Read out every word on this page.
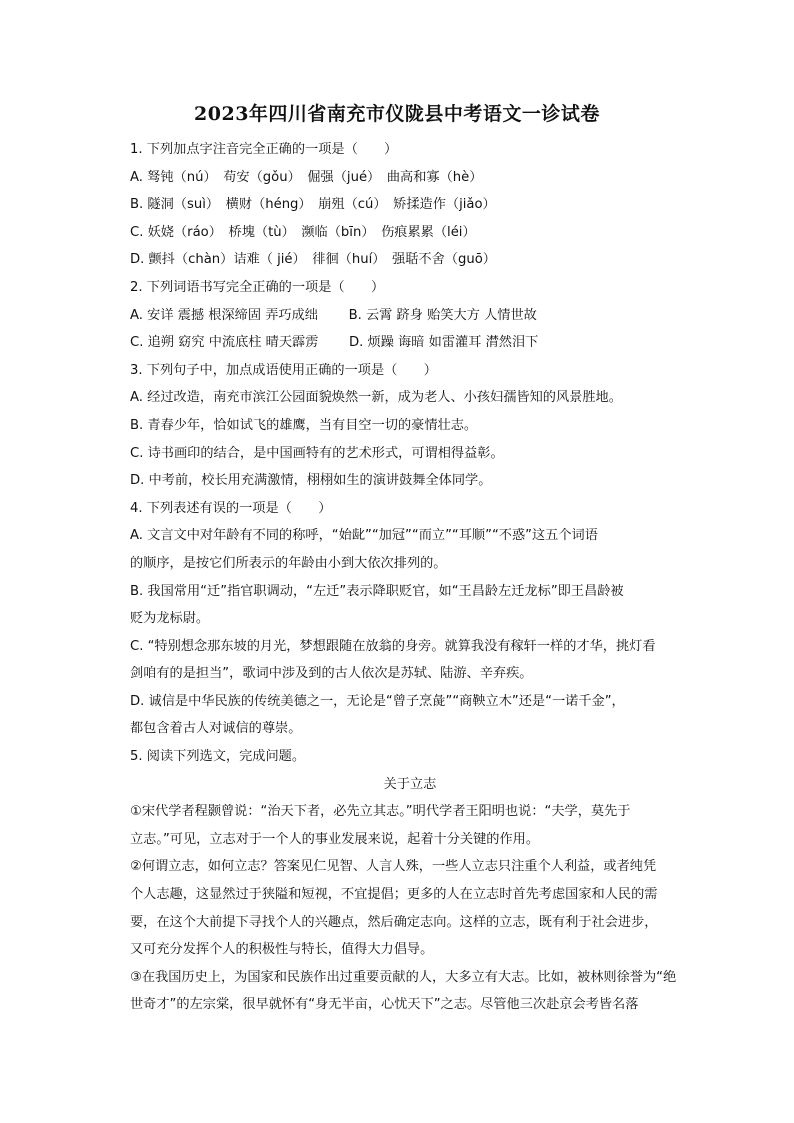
2023年四川省南充市仪陇县中考语文一诊试卷
1. 下列加点字注音完全正确的一项是（　　）
A. 驽钝（nú）　苟安（gǒu）　倔强（jué）　曲高和寡（hè）
B. 隧洞（suì）　横财（héng）　崩殂（cú）　矫揉造作（jiǎo）
C. 妖娆（ráo）　桥塊（tù）　濒临（bīn）　伤痕累累（léi）
D. 颤抖（chàn）诘难（ jié）　徘徊（huí）　强聒不舍（guō）
2. 下列词语书写完全正确的一项是（　　）
A. 安详 震撼 根深缔固 弄巧成绌　　 B. 云霄 跻身 贻笑大方 人情世故
C. 追朔 窈究 中流底柱 晴天霹雳　　 D. 烦躁 诲暗 如雷灌耳 潸然泪下
3. 下列句子中，加点成语使用正确的一项是（　　）
A. 经过改造，南充市滨江公园面貌焕然一新，成为老人、小孩妇孺皆知的风景胜地。
B. 青春少年，恰如试飞的雄鹰，当有目空一切的豪情壮志。
C. 诗书画印的结合，是中国画特有的艺术形式，可谓相得益彰。
D. 中考前，校长用充满激情，栩栩如生的演讲鼓舞全体同学。
4. 下列表述有误的一项是（　　）
A. 文言文中对年龄有不同的称呼，“始龀”“加冠”“而立”“耳顺”“不惑”这五个词语
的顺序，是按它们所表示的年龄由小到大依次排列的。
B. 我国常用“迁”指官职调动，“左迁”表示降职贬官，如“王昌龄左迁龙标”即王昌龄被
贬为龙标尉。
C. “特别想念那东坡的月光，梦想跟随在放翁的身旁。就算我没有稼轩一样的才华，挑灯看
剑咱有的是担当”，歌词中涉及到的古人依次是苏轼、陆游、辛弃疾。
D. 诚信是中华民族的传统美德之一，无论是“曾子烹彘”“商鞅立木”还是“一诺千金”，
都包含着古人对诚信的尊崇。
5. 阅读下列选文，完成问题。
关于立志
①宋代学者程颢曾说：“治天下者，必先立其志。”明代学者王阳明也说：“夫学，莫先于
立志。”可见，立志对于一个人的事业发展来说，起着十分关键的作用。
②何谓立志，如何立志？答案见仁见智、人言人殊，一些人立志只注重个人利益，或者纯凭
个人志趣，这显然过于狭隘和短视，不宜提倡；更多的人在立志时首先考虑国家和人民的需
要，在这个大前提下寻找个人的兴趣点，然后确定志向。这样的立志，既有利于社会进步，
又可充分发挥个人的积极性与特长，值得大力倡导。
③在我国历史上，为国家和民族作出过重要贡献的人，大多立有大志。比如，被林则徐誉为“绝
世奇才”的左宗棠，很早就怀有“身无半亩，心忧天下”之志。尽管他三次赴京会考皆名落
